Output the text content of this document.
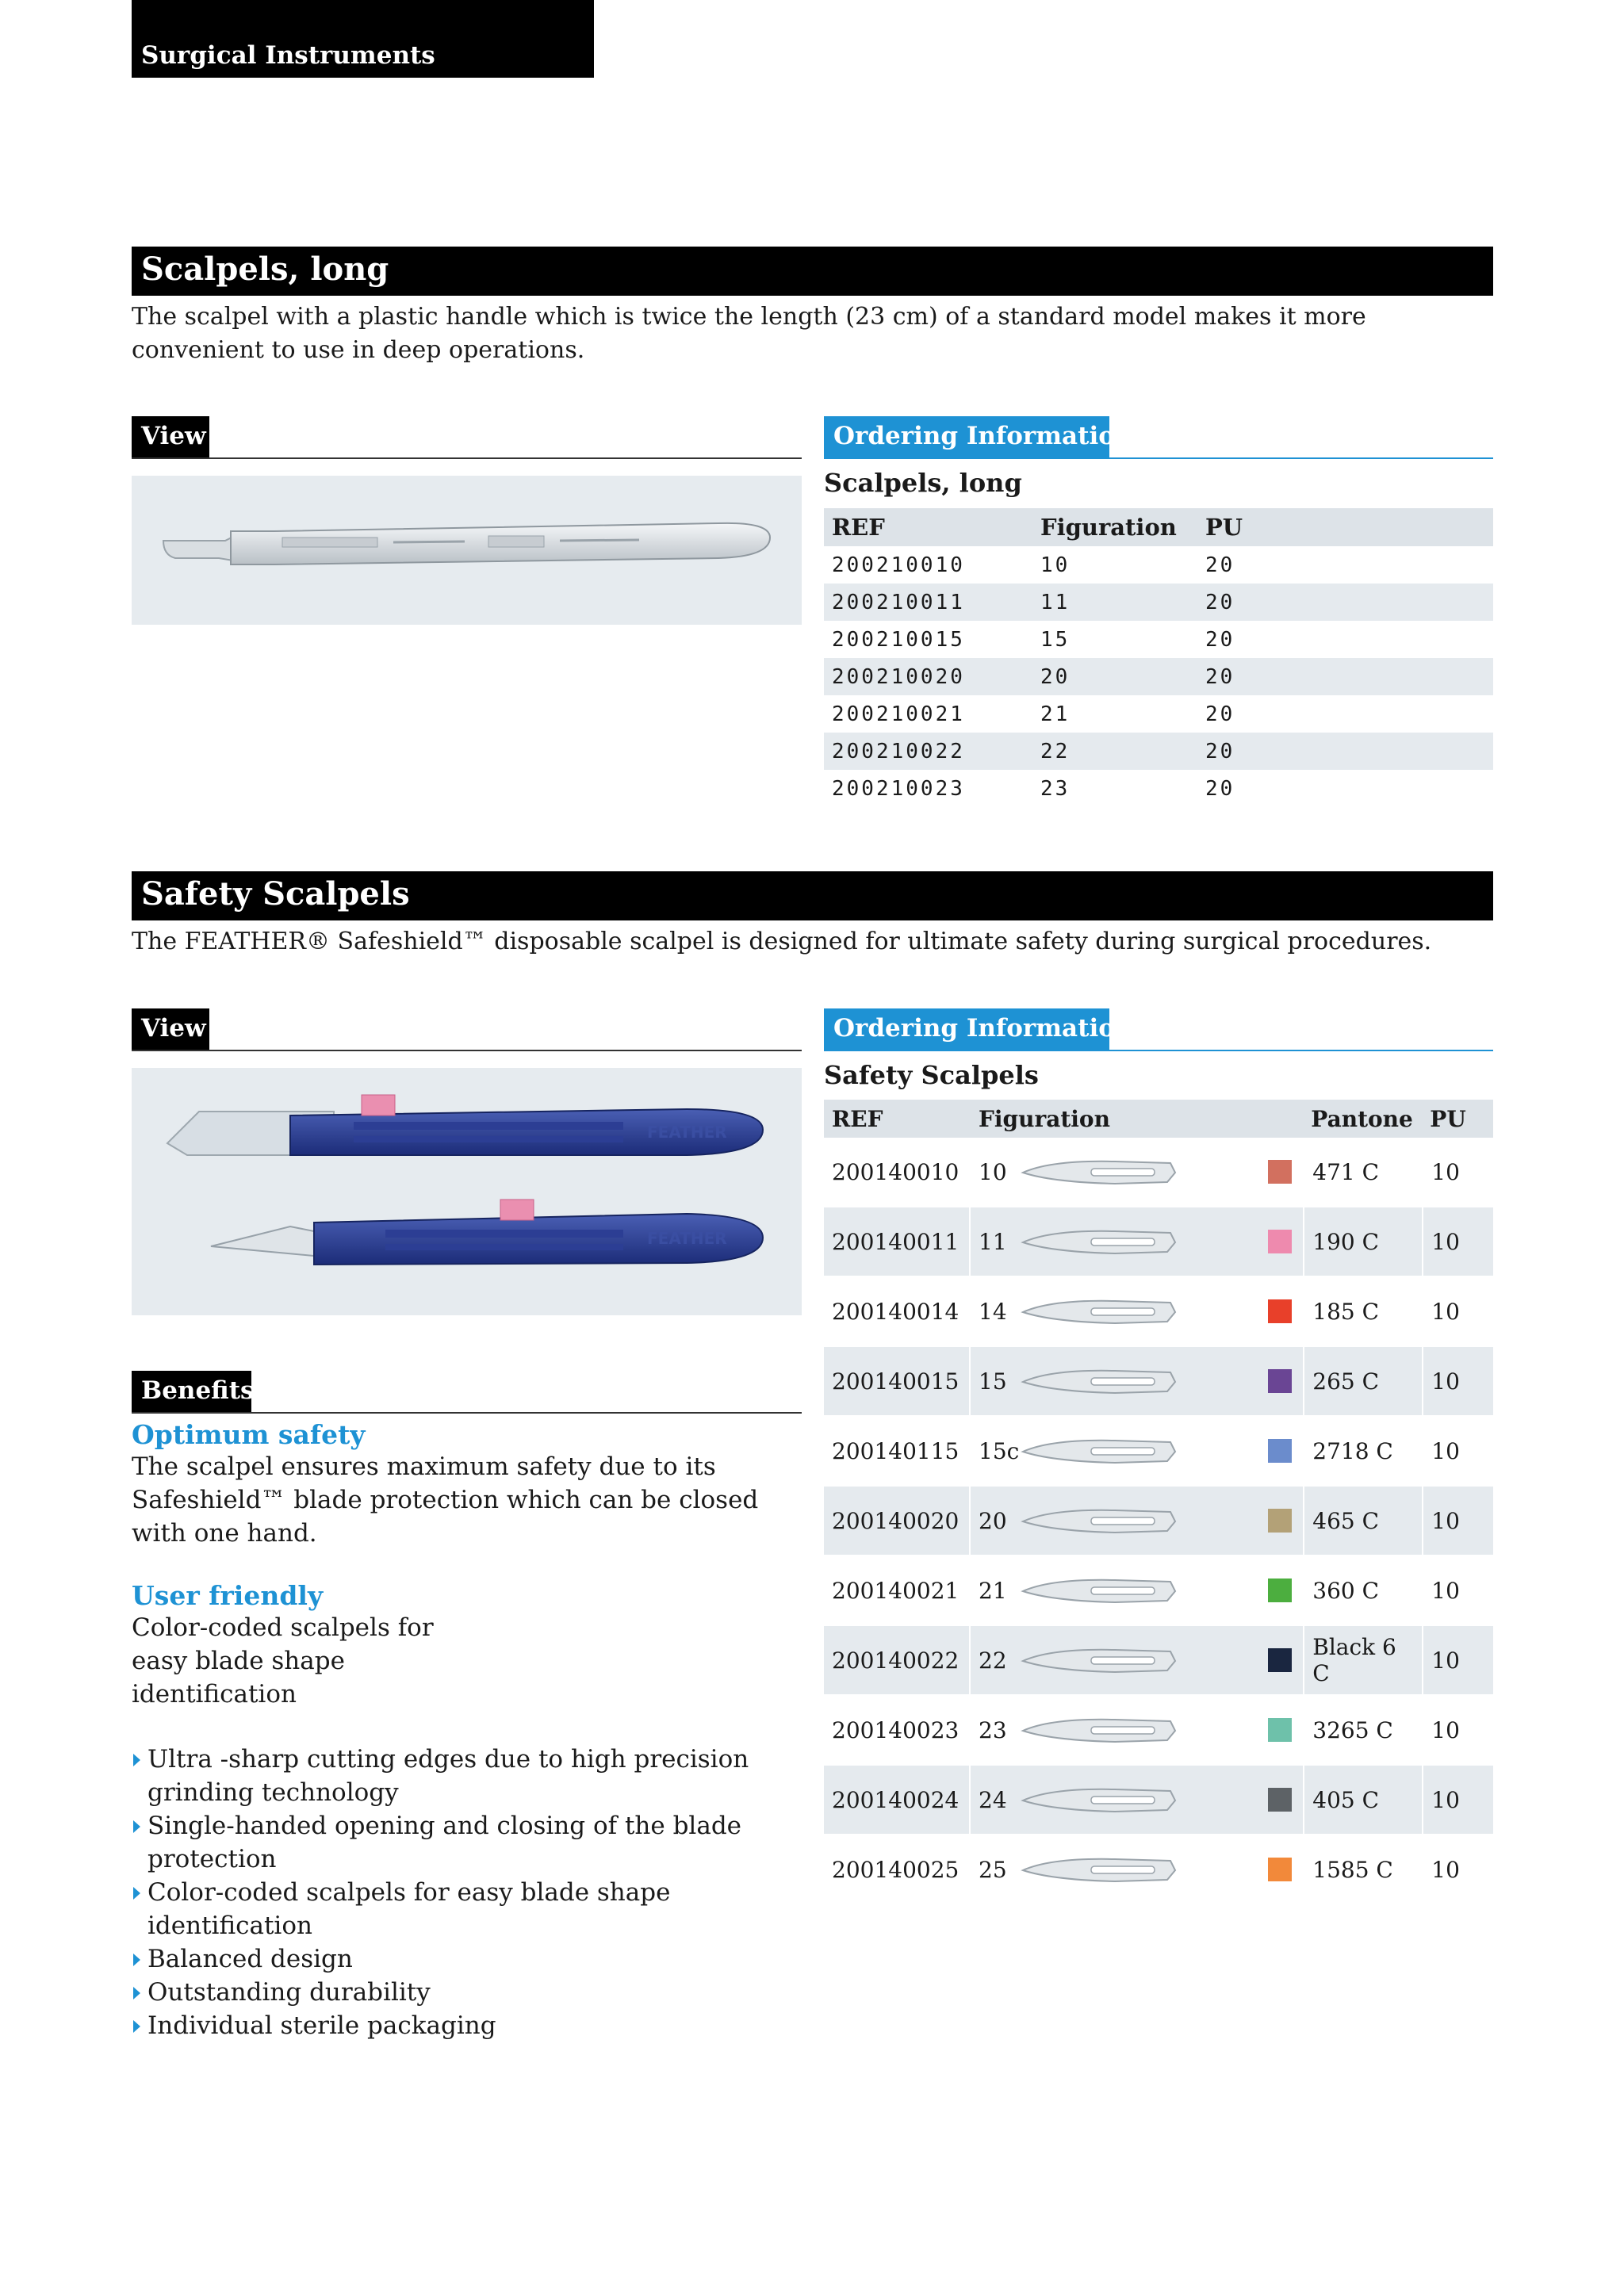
Surgical Instruments
Scalpels, long
The scalpel with a plastic handle which is twice the length (23 cm) of a standard model makes it more convenient to use in deep operations.
View	Ordering Information
Scalpels, long
REF	Figuration	PU
200210010	10	20
200210011	11	20
200210015	15	20
200210020	20	20
200210021	21	20
200210022	22	20
200210023	23	20
Safety Scalpels
The FEATHER® Safeshield™ disposable scalpel is designed for ultimate safety during surgical procedures.
View
FEATHER
FEATHER
Benefits
Optimum safety
The scalpel ensures maximum safety due to its Safeshield™ blade protection which can be closed with one hand.
User friendly
Color-coded scalpels for easy blade shape identification
Ultra -sharp cutting edges due to high precision grinding technology
Single-handed opening and closing of the blade protection
Color-coded scalpels for easy blade shape identification
Balanced design
Outstanding durability
Individual sterile packaging
Ordering Information
Safety Scalpels
REF	Figuration	Pantone	PU
200140010	10	471 C	10
200140011	11	190 C	10
200140014	14	185 C	10
200140015	15	265 C	10
200140115	15c	2718 C	10
200140020	20	465 C	10
200140021	21	360 C	10
200140022	22	Black 6 C	10
200140023	23	3265 C	10
200140024	24	405 C	10
200140025	25	1585 C	10
